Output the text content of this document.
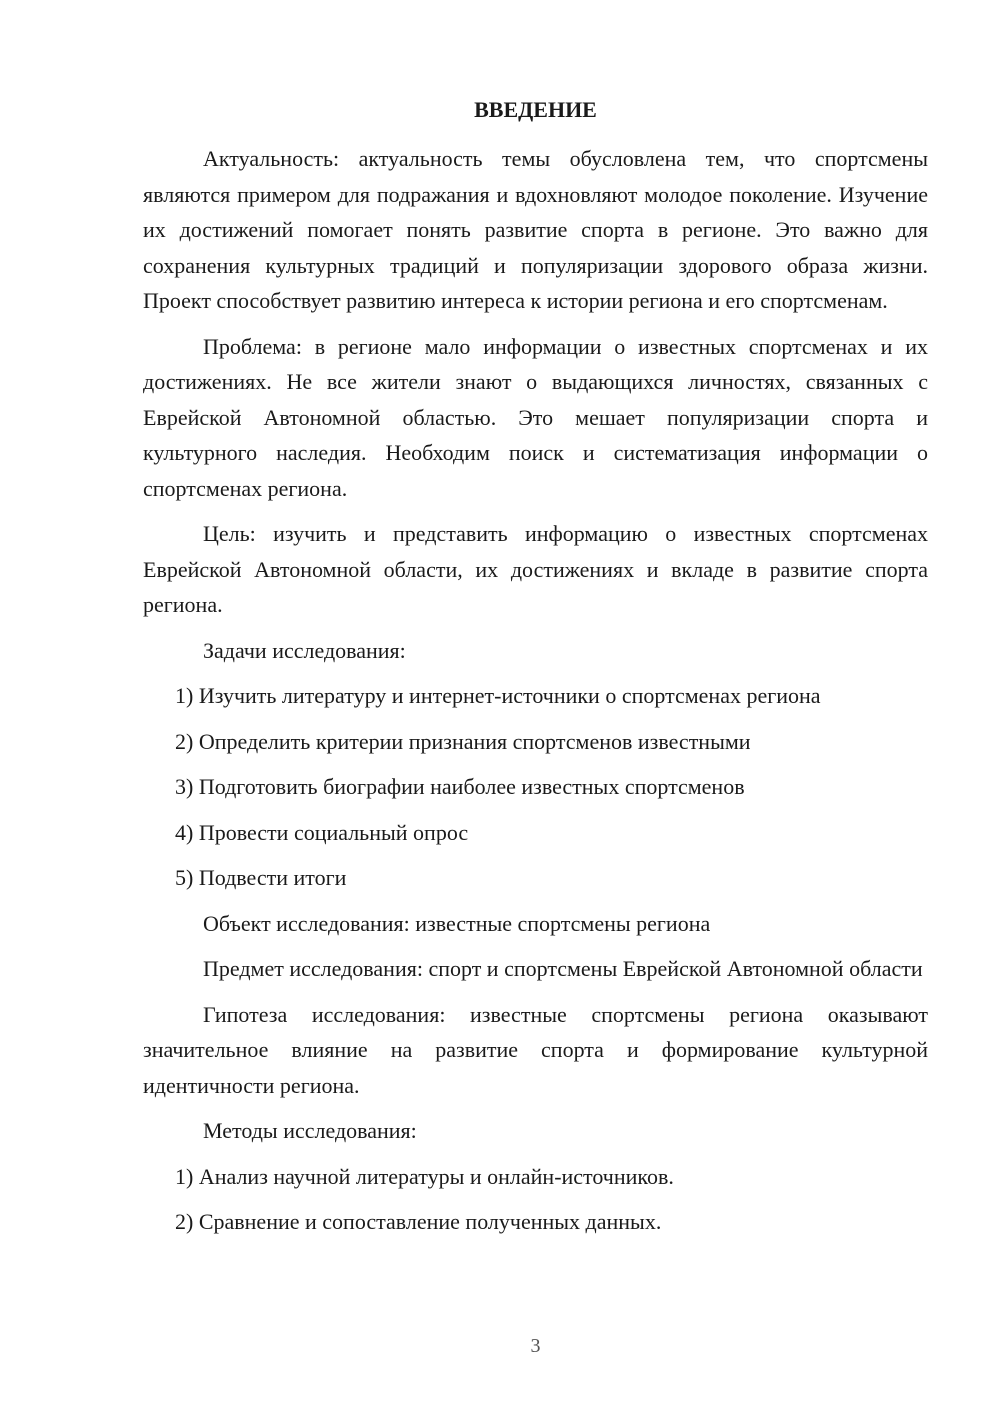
ВВЕДЕНИЕ

Актуальность: актуальность темы обусловлена тем, что спортсмены являются примером для подражания и вдохновляют молодое поколение. Изучение их достижений помогает понять развитие спорта в регионе. Это важно для сохранения культурных традиций и популяризации здорового образа жизни. Проект способствует развитию интереса к истории региона и его спортсменам.

Проблема: в регионе мало информации о известных спортсменах и их достижениях. Не все жители знают о выдающихся личностях, связанных с Еврейской Автономной областью. Это мешает популяризации спорта и культурного наследия. Необходим поиск и систематизация информации о спортсменах региона.

Цель: изучить и представить информацию о известных спортсменах Еврейской Автономной области, их достижениях и вкладе в развитие спорта региона.

Задачи исследования:

1) Изучить литературу и интернет-источники о спортсменах региона

2) Определить критерии признания спортсменов известными

3) Подготовить биографии наиболее известных спортсменов

4) Провести социальный опрос

5) Подвести итоги

Объект исследования: известные спортсмены региона

Предмет исследования: спорт и спортсмены Еврейской Автономной области

Гипотеза исследования: известные спортсмены региона оказывают значительное влияние на развитие спорта и формирование культурной идентичности региона.

Методы исследования:

1) Анализ научной литературы и онлайн-источников.

2) Сравнение и сопоставление полученных данных.

3
